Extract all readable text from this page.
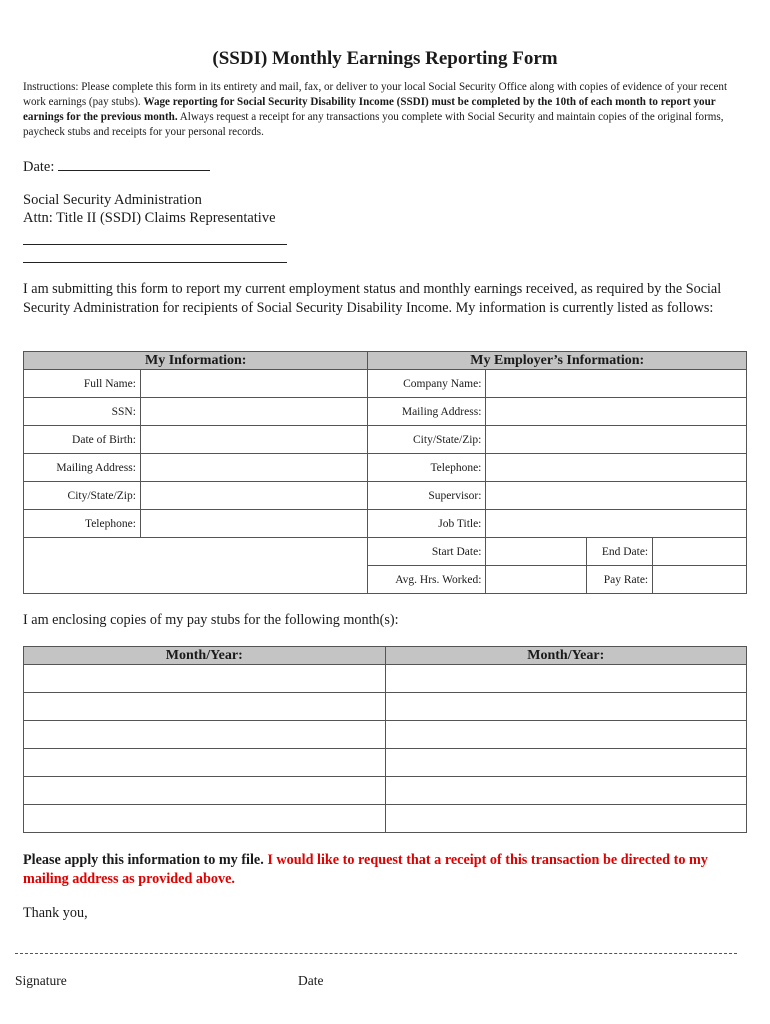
(SSDI) Monthly Earnings Reporting Form
Instructions: Please complete this form in its entirety and mail, fax, or deliver to your local Social Security Office along with copies of evidence of your recent work earnings (pay stubs). Wage reporting for Social Security Disability Income (SSDI) must be completed by the 10th of each month to report your earnings for the previous month. Always request a receipt for any transactions you complete with Social Security and maintain copies of the original forms, paycheck stubs and receipts for your personal records.
Date:
Social Security Administration
Attn: Title II (SSDI) Claims Representative
I am submitting this form to report my current employment status and monthly earnings received, as required by the Social Security Administration for recipients of Social Security Disability Income. My information is currently listed as follows:
My Information:		My Employer’s Information:			
Full Name:		Company Name:			
SSN:		Mailing Address:			
Date of Birth:		City/State/Zip:			
Mailing Address:		Telephone:			
City/State/Zip:		Supervisor:			
Telephone:		Job Title:			
		Start Date:		End Date:	
		Avg. Hrs. Worked:		Pay Rate:	
I am enclosing copies of my pay stubs for the following month(s):
Month/Year:	Month/Year:

Please apply this information to my file. I would like to request that a receipt of this transaction be directed to my mailing address as provided above.
Thank you,
Signature	Date
